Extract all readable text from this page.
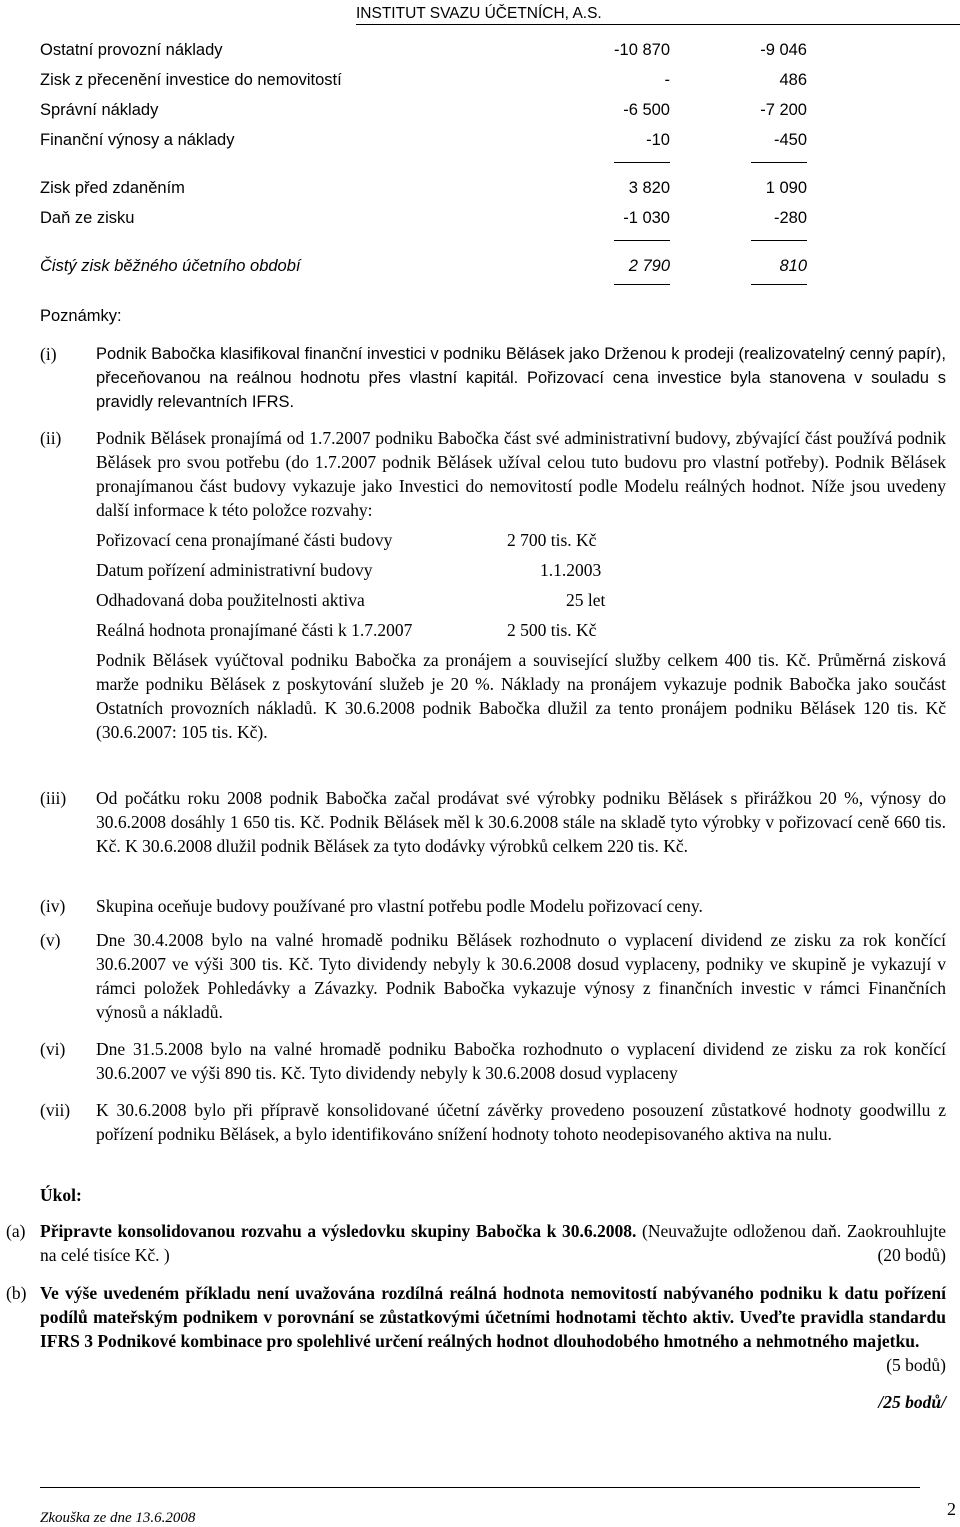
INSTITUT SVAZU ÚČETNÍCH, A.S.
Ostatní provozní náklady	-10 870	-9 046
Zisk z přecenění investice do nemovitostí	-	486
Správní náklady	-6 500	-7 200
Finanční výnosy a náklady	-10	-450
Zisk před zdaněním	3 820	1 090
Daň ze zisku	-1 030	-280
Čistý zisk běžného účetního období	2 790	810
Poznámky:
(i) Podnik Babočka klasifikoval finanční investici v podniku Bělásek jako Drženou k prodeji (realizovatelný cenný papír), přeceňovanou na reálnou hodnotu přes vlastní kapitál. Pořizovací cena investice byla stanovena v souladu s pravidly relevantních IFRS.

(ii) Podnik Bělásek pronajímá od 1.7.2007 podniku Babočka část své administrativní budovy, zbývající část používá podnik Bělásek pro svou potřebu (do 1.7.2007 podnik Bělásek užíval celou tuto budovu pro vlastní potřeby). Podnik Bělásek pronajímanou část budovy vykazuje jako Investici do nemovitostí podle Modelu reálných hodnot. Níže jsou uvedeny další informace k této položce rozvahy:

Pořizovací cena pronajímané části budovy	2 700 tis. Kč
Datum pořízení administrativní budovy	1.1.2003
Odhadovaná doba použitelnosti aktiva	25 let
Reálná hodnota pronajímané části k 1.7.2007	2 500 tis. Kč

Podnik Bělásek vyúčtoval podniku Babočka za pronájem a související služby celkem 400 tis. Kč. Průměrná zisková marže podniku Bělásek z poskytování služeb je 20 %. Náklady na pronájem vykazuje podnik Babočka jako součást Ostatních provozních nákladů. K 30.6.2008 podnik Babočka dlužil za tento pronájem podniku Bělásek 120 tis. Kč (30.6.2007: 105 tis. Kč).

(iii) Od počátku roku 2008 podnik Babočka začal prodávat své výrobky podniku Bělásek s přirážkou 20 %, výnosy do 30.6.2008 dosáhly 1 650 tis. Kč. Podnik Bělásek měl k 30.6.2008 stále na skladě tyto výrobky v pořizovací ceně 660 tis. Kč. K 30.6.2008 dlužil podnik Bělásek za tyto dodávky výrobků celkem 220 tis. Kč.

(iv) Skupina oceňuje budovy používané pro vlastní potřebu podle Modelu pořizovací ceny.

(v) Dne 30.4.2008 bylo na valné hromadě podniku Bělásek rozhodnuto o vyplacení dividend ze zisku za rok končící 30.6.2007 ve výši 300 tis. Kč. Tyto dividendy nebyly k 30.6.2008 dosud vyplaceny, podniky ve skupině je vykazují v rámci položek Pohledávky a Závazky. Podnik Babočka vykazuje výnosy z finančních investic v rámci Finančních výnosů a nákladů.

(vi) Dne 31.5.2008 bylo na valné hromadě podniku Babočka rozhodnuto o vyplacení dividend ze zisku za rok končící 30.6.2007 ve výši 890 tis. Kč. Tyto dividendy nebyly k 30.6.2008 dosud vyplaceny

(vii) K 30.6.2008 bylo při přípravě konsolidované účetní závěrky provedeno posouzení zůstatkové hodnoty goodwillu z pořízení podniku Bělásek, a bylo identifikováno snížení hodnoty tohoto neodepisovaného aktiva na nulu.

Úkol:
(a) Připravte konsolidovanou rozvahu a výsledovku skupiny Babočka k 30.6.2008. (Neuvažujte odloženou daň. Zaokrouhlujte na celé tisíce Kč. )	(20 bodů)
(b) Ve výše uvedeném příkladu není uvažována rozdílná reálná hodnota nemovitostí nabývaného podniku k datu pořízení podílů mateřským podnikem v porovnání se zůstatkovými účetními hodnotami těchto aktiv. Uveďte pravidla standardu IFRS 3 Podnikové kombinace pro spolehlivé určení reálných hodnot dlouhodobého hmotného a nehmotného majetku.
(5 bodů)
/25 bodů/
Zkouška ze dne 13.6.2008	2
